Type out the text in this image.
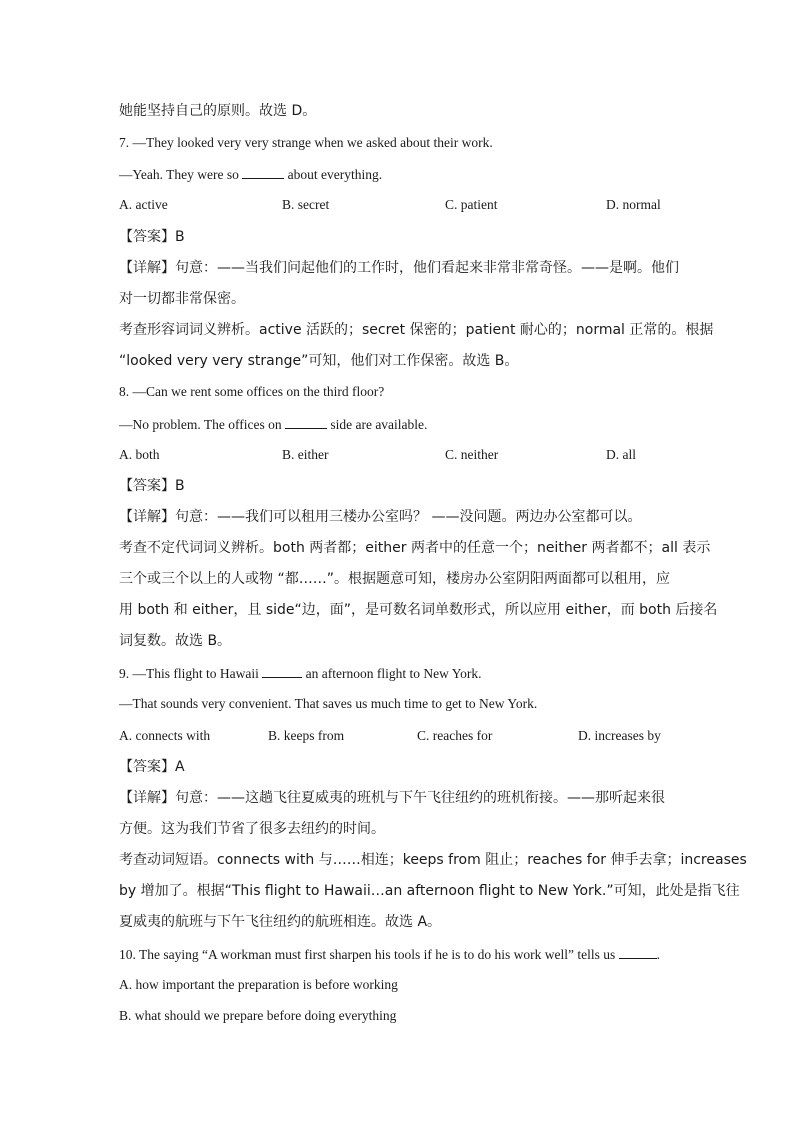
她能坚持自己的原则。故选 D。
7. —They looked very very strange when we asked about their work.
—Yeah. They were so	about everything.
A. active	B. secret	C. patient	D. normal
【答案】B
【详解】句意：——当我们问起他们的工作时，他们看起来非常非常奇怪。——是啊。他们
对一切都非常保密。
考查形容词词义辨析。active 活跃的；secret 保密的；patient 耐心的；normal 正常的。根据
“looked very very strange”可知，他们对工作保密。故选 B。
8. —Can we rent some offices on the third floor?
—No problem. The offices on	side are available.
A. both	B. either	C. neither	D. all
【答案】B
【详解】句意：——我们可以租用三楼办公室吗？ ——没问题。两边办公室都可以。
考查不定代词词义辨析。both 两者都；either 两者中的任意一个；neither 两者都不；all 表示
三个或三个以上的人或物 “都……”。根据题意可知，楼房办公室阴阳两面都可以租用，应
用 both 和 either，且 side“边，面”，是可数名词单数形式，所以应用 either，而 both 后接名
词复数。故选 B。
9. —This flight to Hawaii	an afternoon flight to New York.
—That sounds very convenient. That saves us much time to get to New York.
A. connects with	B. keeps from	C. reaches for	D. increases by
【答案】A
【详解】句意：——这趟飞往夏威夷的班机与下午飞往纽约的班机衔接。——那听起来很
方便。这为我们节省了很多去纽约的时间。
考查动词短语。connects with 与……相连；keeps from 阻止；reaches for 伸手去拿；increases
by 增加了。根据“This flight to Hawaii…an afternoon flight to New York.”可知，此处是指飞往
夏威夷的航班与下午飞往纽约的航班相连。故选 A。
10. The saying “A workman must first sharpen his tools if he is to do his work well” tells us	.
A. how important the preparation is before working
B. what should we prepare before doing everything
